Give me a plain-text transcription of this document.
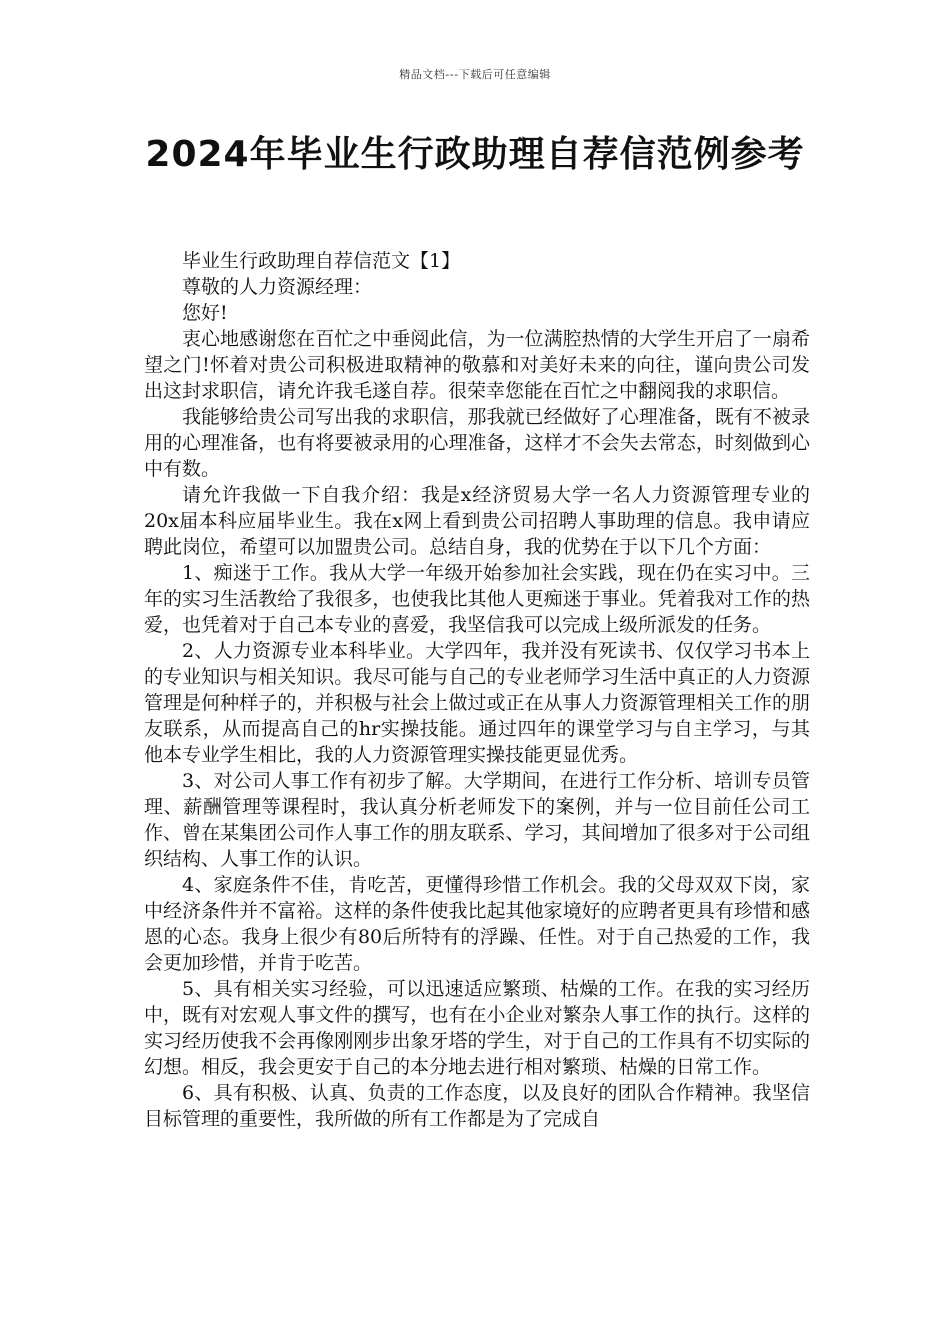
精品文档---下载后可任意编辑
2024年毕业生行政助理自荐信范例参考

毕业生行政助理自荐信范文【1】

尊敬的人力资源经理：

您好!

衷心地感谢您在百忙之中垂阅此信，为一位满腔热情的大学生开启了一扇希望之门!怀着对贵公司积极进取精神的敬慕和对美好未来的向往，谨向贵公司发出这封求职信，请允许我毛遂自荐。很荣幸您能在百忙之中翻阅我的求职信。

我能够给贵公司写出我的求职信，那我就已经做好了心理准备，既有不被录用的心理准备，也有将要被录用的心理准备，这样才不会失去常态，时刻做到心中有数。

请允许我做一下自我介绍：我是x经济贸易大学一名人力资源管理专业的20x届本科应届毕业生。我在x网上看到贵公司招聘人事助理的信息。我申请应聘此岗位，希望可以加盟贵公司。总结自身，我的优势在于以下几个方面：

1、痴迷于工作。我从大学一年级开始参加社会实践，现在仍在实习中。三年的实习生活教给了我很多，也使我比其他人更痴迷于事业。凭着我对工作的热爱，也凭着对于自己本专业的喜爱，我坚信我可以完成上级所派发的任务。

2、人力资源专业本科毕业。大学四年，我并没有死读书、仅仅学习书本上的专业知识与相关知识。我尽可能与自己的专业老师学习生活中真正的人力资源管理是何种样子的，并积极与社会上做过或正在从事人力资源管理相关工作的朋友联系，从而提高自己的hr实操技能。通过四年的课堂学习与自主学习，与其他本专业学生相比，我的人力资源管理实操技能更显优秀。

3、对公司人事工作有初步了解。大学期间，在进行工作分析、培训专员管理、薪酬管理等课程时，我认真分析老师发下的案例，并与一位目前任公司工作、曾在某集团公司作人事工作的朋友联系、学习，其间增加了很多对于公司组织结构、人事工作的认识。

4、家庭条件不佳，肯吃苦，更懂得珍惜工作机会。我的父母双双下岗，家中经济条件并不富裕。这样的条件使我比起其他家境好的应聘者更具有珍惜和感恩的心态。我身上很少有80后所特有的浮躁、任性。对于自己热爱的工作，我会更加珍惜，并肯于吃苦。

5、具有相关实习经验，可以迅速适应繁琐、枯燥的工作。在我的实习经历中，既有对宏观人事文件的撰写，也有在小企业对繁杂人事工作的执行。这样的实习经历使我不会再像刚刚步出象牙塔的学生，对于自己的工作具有不切实际的幻想。相反，我会更安于自己的本分地去进行相对繁琐、枯燥的日常工作。

6、具有积极、认真、负责的工作态度，以及良好的团队合作精神。我坚信目标管理的重要性，我所做的所有工作都是为了完成自
